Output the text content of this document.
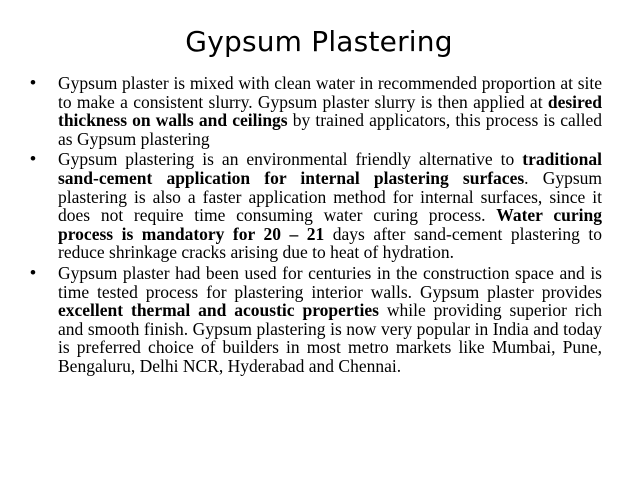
Gypsum Plastering
• Gypsum plaster is mixed with clean water in recommended proportion at site to make a consistent slurry. Gypsum plaster slurry is then applied at desired thickness on walls and ceilings by trained applicators, this process is called as Gypsum plastering
• Gypsum plastering is an environmental friendly alternative to traditional sand-cement application for internal plastering surfaces. Gypsum plastering is also a faster application method for internal surfaces, since it does not require time consuming water curing process. Water curing process is mandatory for 20 – 21 days after sand-cement plastering to reduce shrinkage cracks arising due to heat of hydration.
• Gypsum plaster had been used for centuries in the construction space and is time tested process for plastering interior walls. Gypsum plaster provides excellent thermal and acoustic properties while providing superior rich and smooth finish. Gypsum plastering is now very popular in India and today is preferred choice of builders in most metro markets like Mumbai, Pune, Bengaluru, Delhi NCR, Hyderabad and Chennai.
